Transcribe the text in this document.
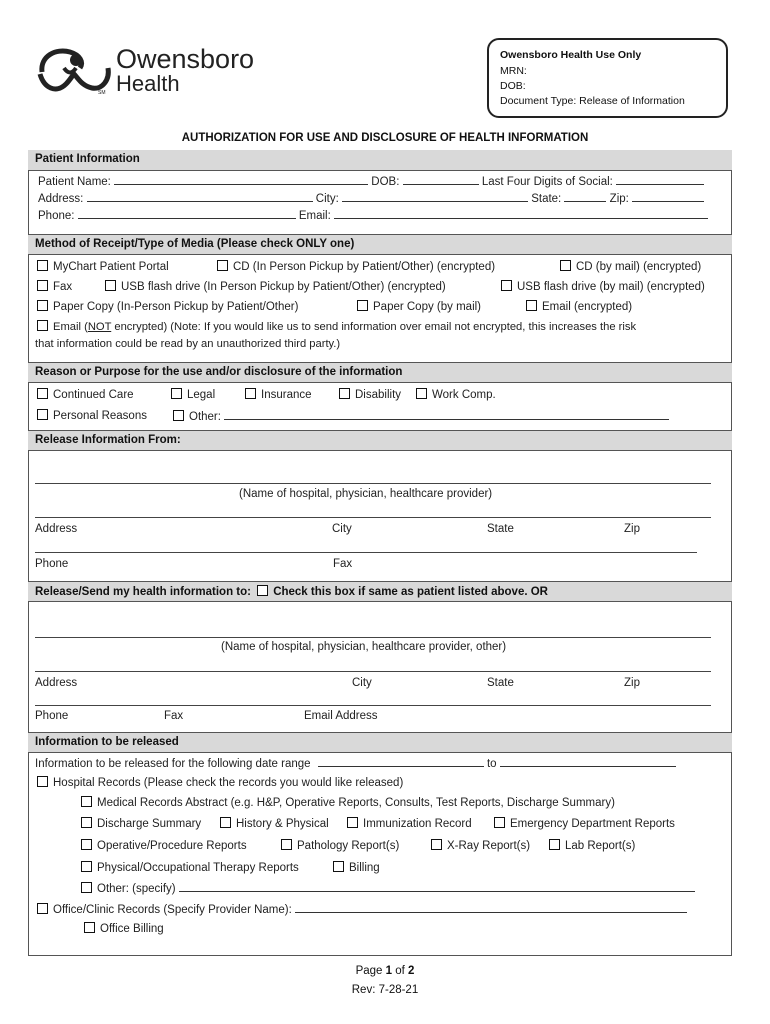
Owensboro
Health
SM
Owensboro Health Use Only
MRN:
DOB:
Document Type: Release of Information
AUTHORIZATION FOR USE AND DISCLOSURE OF HEALTH INFORMATION
Patient Information
Patient Name:	DOB:	Last Four Digits of Social:
Address:	City:	State:	Zip:
Phone:	Email:
Method of Receipt/Type of Media (Please check ONLY one)
MyChart Patient Portal	CD (In Person Pickup by Patient/Other) (encrypted)	CD (by mail) (encrypted)
Fax	USB flash drive (In Person Pickup by Patient/Other) (encrypted)	USB flash drive (by mail) (encrypted)
Paper Copy (In-Person Pickup by Patient/Other)	Paper Copy (by mail)	Email (encrypted)
Email (NOT encrypted) (Note: If you would like us to send information over email not encrypted, this increases the risk
that information could be read by an unauthorized third party.)
Reason or Purpose for the use and/or disclosure of the information
Continued Care	Legal	Insurance	Disability	Work Comp.
Personal Reasons	Other:
Release Information From:
(Name of hospital, physician, healthcare provider)
Address	City	State	Zip
Phone	Fax
Release/Send my health information to: Check this box if same as patient listed above. OR
(Name of hospital, physician, healthcare provider, other)
Address	City	State	Zip
Phone	Fax	Email Address
Information to be released
Information to be released for the following date range	to
Hospital Records (Please check the records you would like released)
Medical Records Abstract (e.g. H&P, Operative Reports, Consults, Test Reports, Discharge Summary)
Discharge Summary	History & Physical	Immunization Record	Emergency Department Reports
Operative/Procedure Reports	Pathology Report(s)	X-Ray Report(s)	Lab Report(s)
Physical/Occupational Therapy Reports	Billing
Other: (specify)
Office/Clinic Records (Specify Provider Name):
Office Billing
Page 1 of 2
Rev: 7-28-21
